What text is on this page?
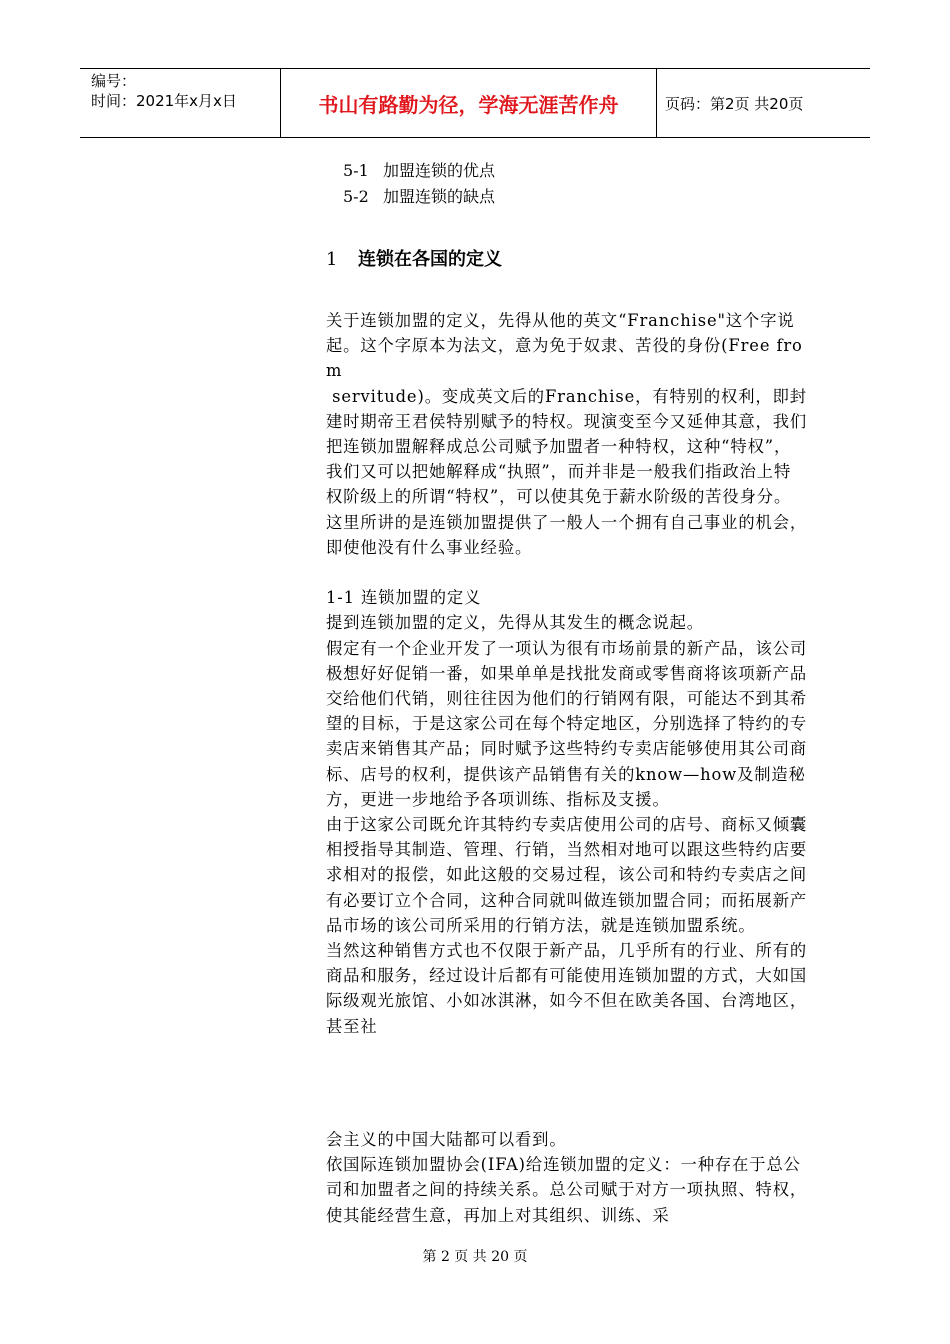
编号：
时间：2021年x月x日	书山有路勤为径，学海无涯苦作舟	页码：第2页 共20页
5-1 加盟连锁的优点
5-2 加盟连锁的缺点
1 连锁在各国的定义

关于连锁加盟的定义，先得从他的英文“Franchise"这个字说起。这个字原本为法文，意为免于奴隶、苦役的身份(Free from

servitude)。变成英文后的Franchise，有特别的权利，即封建时期帝王君侯特别赋予的特权。现演变至今又延伸其意，我们把连锁加盟解释成总公司赋予加盟者一种特权，这种“特权”，我们又可以把她解释成“执照”，而并非是一般我们指政治上特权阶级上的所谓“特权”，可以使其免于薪水阶级的苦役身分。这里所讲的是连锁加盟提供了一般人一个拥有自己事业的机会，即使他没有什么事业经验。

1-1 连锁加盟的定义

提到连锁加盟的定义，先得从其发生的概念说起。

假定有一个企业开发了一项认为很有市场前景的新产品，该公司极想好好促销一番，如果单单是找批发商或零售商将该项新产品交给他们代销，则往往因为他们的行销网有限，可能达不到其希望的目标，于是这家公司在每个特定地区，分别选择了特约的专卖店来销售其产品；同时赋予这些特约专卖店能够使用其公司商标、店号的权利，提供该产品销售有关的know—how及制造秘方，更进一步地给予各项训练、指标及支援。

由于这家公司既允许其特约专卖店使用公司的店号、商标又倾囊相授指导其制造、管理、行销，当然相对地可以跟这些特约店要求相对的报偿，如此这般的交易过程，该公司和特约专卖店之间有必要订立个合同，这种合同就叫做连锁加盟合同；而拓展新产品市场的该公司所采用的行销方法，就是连锁加盟系统。

当然这种销售方式也不仅限于新产品，几乎所有的行业、所有的商品和服务，经过设计后都有可能使用连锁加盟的方式，大如国际级观光旅馆、小如冰淇淋，如今不但在欧美各国、台湾地区，甚至社

会主义的中国大陆都可以看到。

依国际连锁加盟协会(IFA)给连锁加盟的定义：一种存在于总公司和加盟者之间的持续关系。总公司赋于对方一项执照、特权，使其能经营生意，再加上对其组织、训练、采

第 2 页 共 20 页
